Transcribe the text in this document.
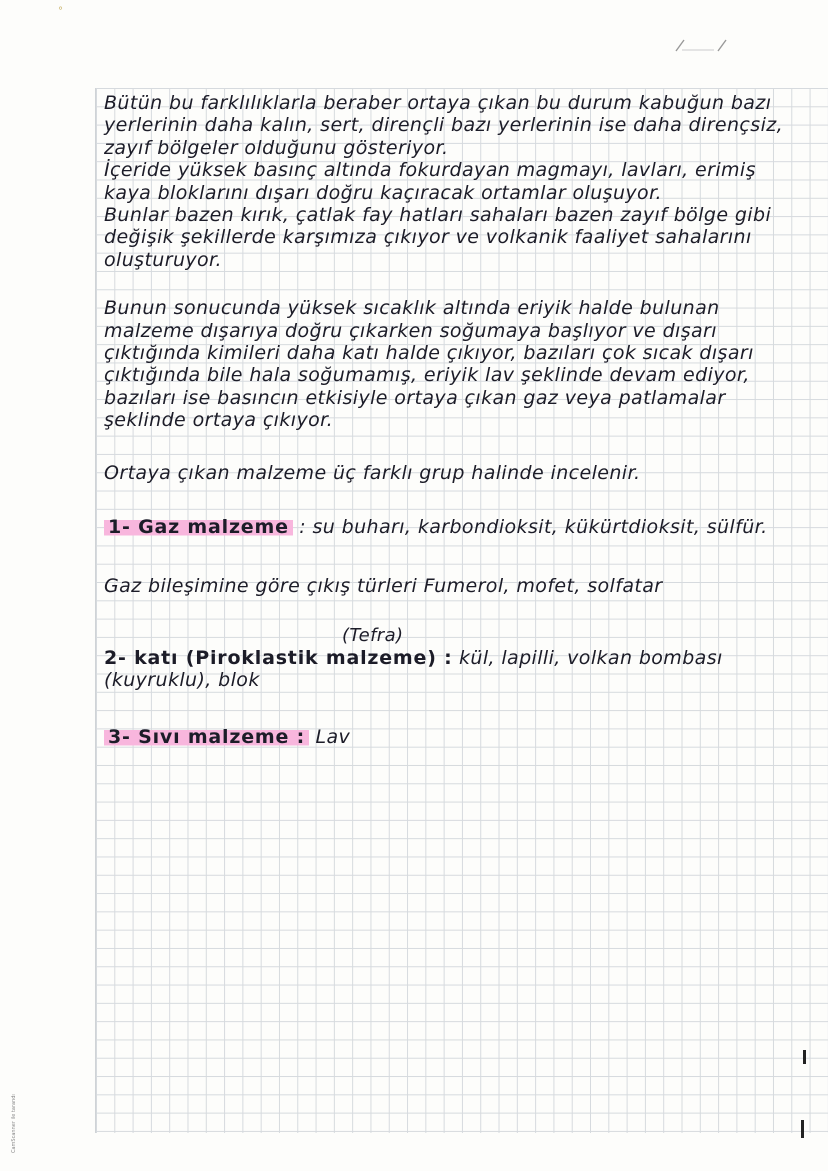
°
CamScanner ile tarandı

Bütün bu farklılıklarla beraber ortaya çıkan bu durum kabuğun bazı yerlerinin daha kalın, sert, dirençli bazı yerlerinin ise daha dirençsiz, zayıf bölgeler olduğunu gösteriyor.

İçeride yüksek basınç altında fokurdayan magmayı, lavları, erimiş kaya bloklarını dışarı doğru kaçıracak ortamlar oluşuyor.

Bunlar bazen kırık, çatlak fay hatları sahaları bazen zayıf bölge gibi değişik şekillerde karşımıza çıkıyor ve volkanik faaliyet sahalarını oluşturuyor.

Bunun sonucunda yüksek sıcaklık altında eriyik halde bulunan malzeme dışarıya doğru çıkarken soğumaya başlıyor ve dışarı çıktığında kimileri daha katı halde çıkıyor, bazıları çok sıcak dışarı çıktığında bile hala soğumamış, eriyik lav şeklinde devam ediyor, bazıları ise basıncın etkisiyle ortaya çıkan gaz veya patlamalar şeklinde ortaya çıkıyor.

Ortaya çıkan malzeme üç farklı grup halinde incelenir.

1- Gaz malzeme : su buharı, karbondioksit, kükürtdioksit, sülfür.

Gaz bileşimine göre çıkış türleri Fumerol, mofet, solfatar

(Tefra)

2- katı (Piroklastik malzeme) : kül, lapilli, volkan bombası (kuyruklu), blok

3- Sıvı malzeme : Lav
